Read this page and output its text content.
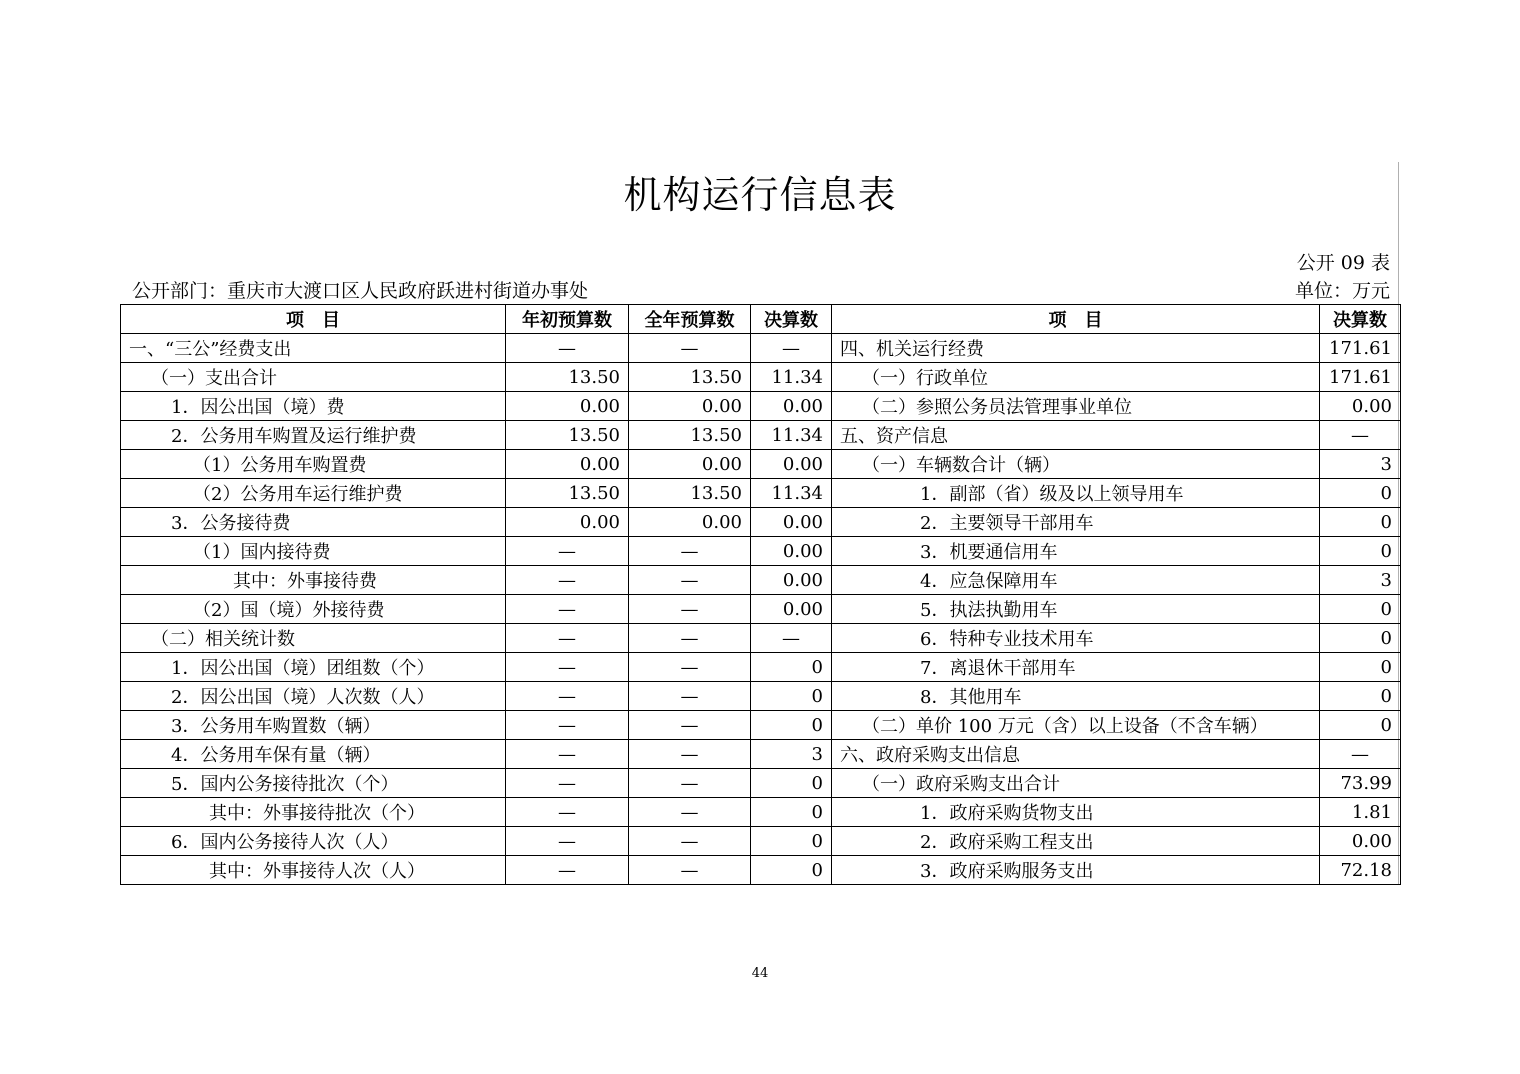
机构运行信息表
公开 09 表
公开部门：重庆市大渡口区人民政府跃进村街道办事处	单位：万元
项　目	年初预算数	全年预算数	决算数	项　目	决算数
一、“三公”经费支出	—	—	—	四、机关运行经费	171.61
（一）支出合计	13.50	13.50	11.34	（一）行政单位	171.61
1．因公出国（境）费	0.00	0.00	0.00	（二）参照公务员法管理事业单位	0.00
2．公务用车购置及运行维护费	13.50	13.50	11.34	五、资产信息	—
（1）公务用车购置费	0.00	0.00	0.00	（一）车辆数合计（辆）	3
（2）公务用车运行维护费	13.50	13.50	11.34	1．副部（省）级及以上领导用车	0
3．公务接待费	0.00	0.00	0.00	2．主要领导干部用车	0
（1）国内接待费	—	—	0.00	3．机要通信用车	0
其中：外事接待费	—	—	0.00	4．应急保障用车	3
（2）国（境）外接待费	—	—	0.00	5．执法执勤用车	0
（二）相关统计数	—	—	—	6．特种专业技术用车	0
1．因公出国（境）团组数（个）	—	—	0	7．离退休干部用车	0
2．因公出国（境）人次数（人）	—	—	0	8．其他用车	0
3．公务用车购置数（辆）	—	—	0	（二）单价 100 万元（含）以上设备（不含车辆）	0
4．公务用车保有量（辆）	—	—	3	六、政府采购支出信息	—
5．国内公务接待批次（个）	—	—	0	（一）政府采购支出合计	73.99
其中：外事接待批次（个）	—	—	0	1．政府采购货物支出	1.81
6．国内公务接待人次（人）	—	—	0	2．政府采购工程支出	0.00
其中：外事接待人次（人）	—	—	0	3．政府采购服务支出	72.18
44
